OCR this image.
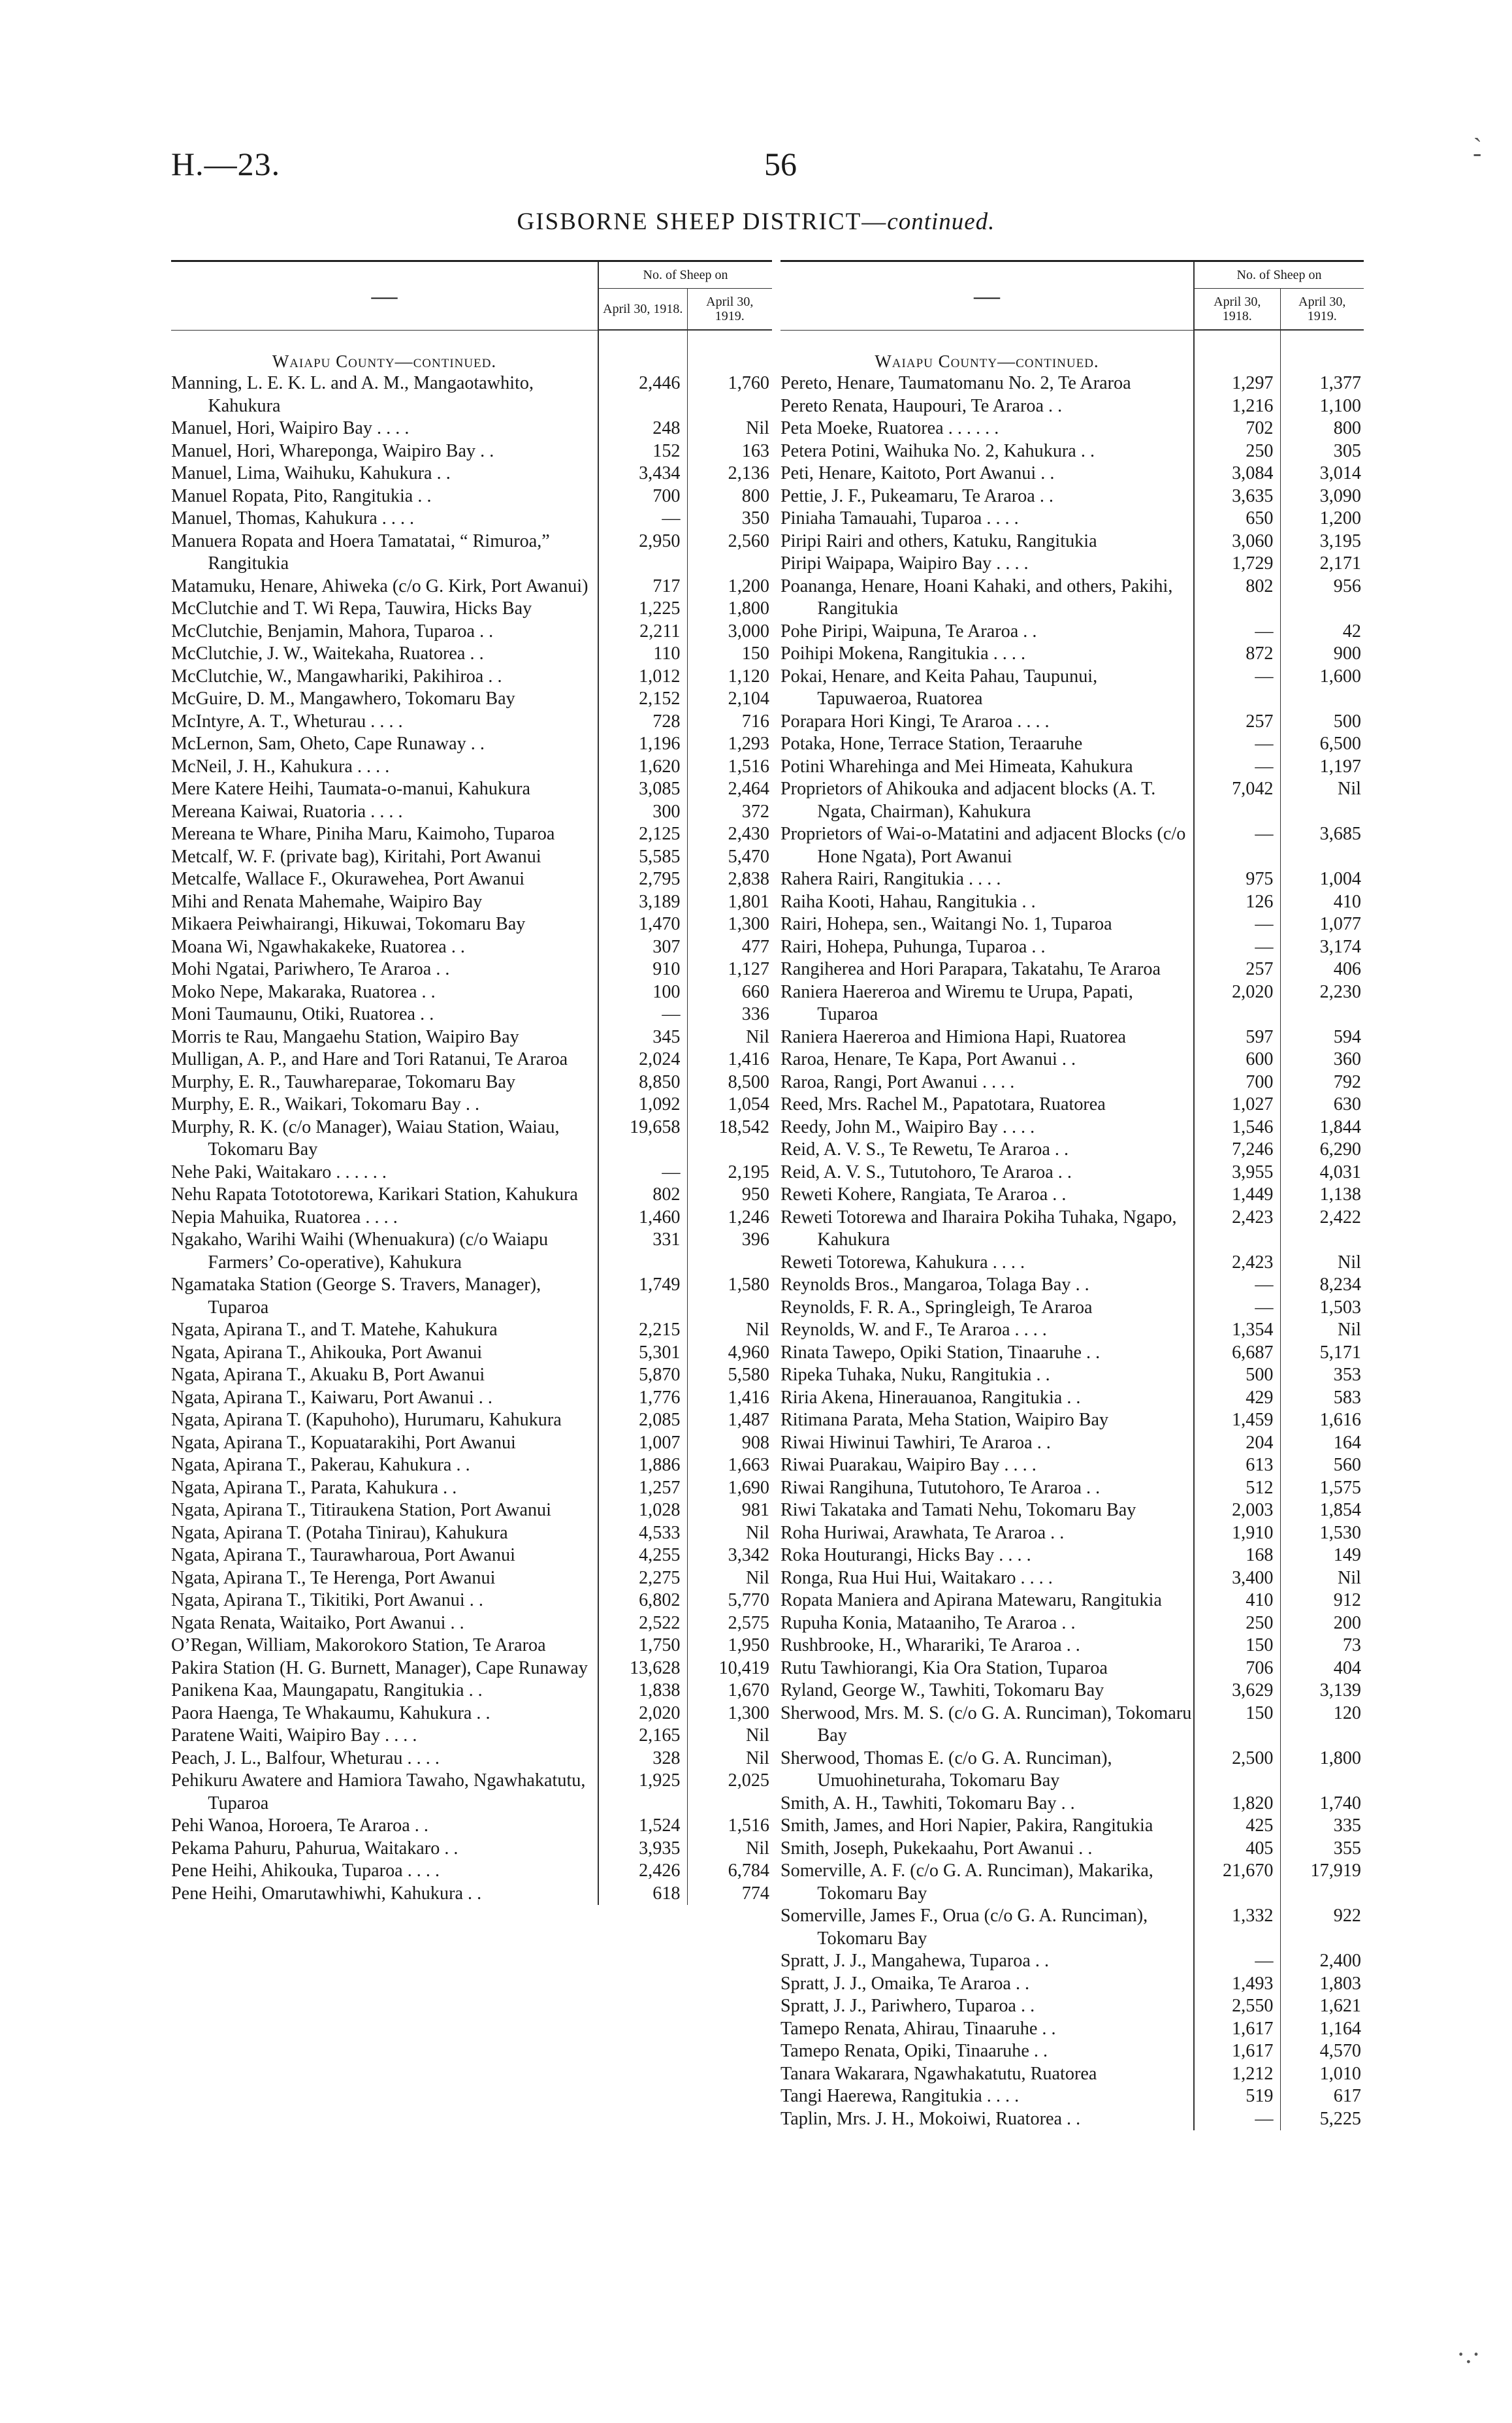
H.—23.	56
GISBORNE SHEEP DISTRICT—continued.
-̀
·.·
—	No. of Sheep on	
	April 30, 1918.	April 30, 1919.
Waiapu County—continued.		
Manning, L. E. K. L. and A. M., Mangaotawhito, Kahukura	2,446	1,760
Manuel, Hori, Waipiro Bay . . . .	248	Nil
Manuel, Hori, Wharepongа, Waipiro Bay . .	152	163
Manuel, Lima, Waihuku, Kahukura . .	3,434	2,136
Manuel Ropata, Pito, Rangitukia . .	700	800
Manuel, Thomas, Kahukura . . . .	—	350
Manuera Ropata and Hoera Tamatatai, “ Rimuroa,” Rangitukia	2,950	2,560
Matamuku, Henare, Ahiweka (c/o G. Kirk, Port Awanui)	717	1,200
McClutchie and T. Wi Repa, Tauwira, Hicks Bay	1,225	1,800
McClutchie, Benjamin, Mahora, Tuparoa . .	2,211	3,000
McClutchie, J. W., Waitekaha, Ruatorea . .	110	150
McClutchie, W., Mangawhariki, Pakihiroa . .	1,012	1,120
McGuire, D. M., Mangawhero, Tokomaru Bay	2,152	2,104
McIntyre, A. T., Wheturau . . . .	728	716
McLernon, Sam, Oheto, Cape Runaway . .	1,196	1,293
McNeil, J. H., Kahukura . . . .	1,620	1,516
Mere Katere Heihi, Taumata-o-manui, Kahukura	3,085	2,464
Mereana Kaiwai, Ruatoria . . . .	300	372
Mereana te Whare, Piniha Maru, Kaimoho, Tuparoa	2,125	2,430
Metcalf, W. F. (private bag), Kiritahi, Port Awanui	5,585	5,470
Metcalfe, Wallace F., Okurawehea, Port Awanui	2,795	2,838
Mihi and Renata Mahemahe, Waipiro Bay	3,189	1,801
Mikaera Peiwhairangi, Hikuwai, Tokomaru Bay	1,470	1,300
Moana Wi, Ngawhakakeke, Ruatorea . .	307	477
Mohi Ngatai, Pariwhero, Te Araroa . .	910	1,127
Moko Nepe, Makaraka, Ruatorea . .	100	660
Moni Taumaunu, Otiki, Ruatorea . .	—	336
Morris te Rau, Mangaehu Station, Waipiro Bay	345	Nil
Mulligan, A. P., and Hare and Tori Ratanui, Te Araroa	2,024	1,416
Murphy, E. R., Tauwhareparae, Tokomaru Bay	8,850	8,500
Murphy, E. R., Waikari, Tokomaru Bay . .	1,092	1,054
Murphy, R. K. (c/o Manager), Waiau Station, Waiau, Tokomaru Bay	19,658	18,542
Nehe Paki, Waitakaro . . . . . .	—	2,195
Nehu Rapata Totototorewa, Karikari Station, Kahukura	802	950
Nepia Mahuika, Ruatorea . . . .	1,460	1,246
Ngakaho, Warihi Waihi (Whenuakura) (c/o Waiapu Farmers’ Co-operative), Kahukura	331	396
Ngamataka Station (George S. Travers, Manager), Tuparoa	1,749	1,580
Ngata, Apirana T., and T. Matehe, Kahukura	2,215	Nil
Ngata, Apirana T., Ahikouka, Port Awanui	5,301	4,960
Ngata, Apirana T., Akuaku B, Port Awanui	5,870	5,580
Ngata, Apirana T., Kaiwaru, Port Awanui . .	1,776	1,416
Ngata, Apirana T. (Kapuhoho), Hurumaru, Kahukura	2,085	1,487
Ngata, Apirana T., Kopuatarakihi, Port Awanui	1,007	908
Ngata, Apirana T., Pakerau, Kahukura . .	1,886	1,663
Ngata, Apirana T., Parata, Kahukura . .	1,257	1,690
Ngata, Apirana T., Titiraukena Station, Port Awanui	1,028	981
Ngata, Apirana T. (Potaha Tinirau), Kahukura	4,533	Nil
Ngata, Apirana T., Taurawharoua, Port Awanui	4,255	3,342
Ngata, Apirana T., Te Herenga, Port Awanui	2,275	Nil
Ngata, Apirana T., Tikitiki, Port Awanui . .	6,802	5,770
Ngata Renata, Waitaiko, Port Awanui . .	2,522	2,575
O’Regan, William, Makorokoro Station, Te Araroa	1,750	1,950
Pakira Station (H. G. Burnett, Manager), Cape Runaway	13,628	10,419
Panikena Kaa, Maungapatu, Rangitukia . .	1,838	1,670
Paora Haenga, Te Whakaumu, Kahukura . .	2,020	1,300
Paratene Waiti, Waipiro Bay . . . .	2,165	Nil
Peach, J. L., Balfour, Wheturau . . . .	328	Nil
Pehikuru Awatere and Hamiora Tawaho, Ngawhakatutu, Tuparoa	1,925	2,025
Pehi Wanoa, Horoera, Te Araroa . .	1,524	1,516
Pekama Pahuru, Pahurua, Waitakaro . .	3,935	Nil
Pene Heihi, Ahikouka, Tuparoa . . . .	2,426	6,784
Pene Heihi, Omarutawhiwhi, Kahukura . .	618	774
—	No. of Sheep on	
	April 30, 1918.	April 30, 1919.
Waiapu County—continued.		
Pereto, Henare, Taumatomanu No. 2, Te Araroa	1,297	1,377
Pereto Renata, Haupouri, Te Araroa . .	1,216	1,100
Peta Moeke, Ruatorea . . . . . .	702	800
Petera Potini, Waihuka No. 2, Kahukura . .	250	305
Peti, Henare, Kaitoto, Port Awanui . .	3,084	3,014
Pettie, J. F., Pukeamaru, Te Araroa . .	3,635	3,090
Piniaha Tamauahi, Tuparoa . . . .	650	1,200
Piripi Rairi and others, Katuku, Rangitukia	3,060	3,195
Piripi Waipapa, Waipiro Bay . . . .	1,729	2,171
Poananga, Henare, Hoani Kahaki, and others, Pakihi, Rangitukia	802	956
Pohe Piripi, Waipuna, Te Araroa . .	—	42
Poihipi Mokena, Rangitukia . . . .	872	900
Pokai, Henare, and Keita Pahau, Taupunui, Tapuwaeroa, Ruatorea	—	1,600
Porapara Hori Kingi, Te Araroa . . . .	257	500
Potaka, Hone, Terrace Station, Teraaruhe	—	6,500
Potini Wharehinga and Mei Himeata, Kahukura	—	1,197
Proprietors of Ahikouka and adjacent blocks (A. T. Ngata, Chairman), Kahukura	7,042	Nil
Proprietors of Wai-o-Matatini and adjacent Blocks (c/o Hone Ngata), Port Awanui	—	3,685
Rahera Rairi, Rangitukia . . . .	975	1,004
Raiha Kooti, Hahau, Rangitukia . .	126	410
Rairi, Hohepa, sen., Waitangi No. 1, Tuparoa	—	1,077
Rairi, Hohepa, Puhunga, Tuparoa . .	—	3,174
Rangiherea and Hori Parapara, Takatahu, Te Araroa	257	406
Raniera Haereroa and Wiremu te Urupa, Papati, Tuparoa	2,020	2,230
Raniera Haereroa and Himiona Hapi, Ruatorea	597	594
Raroa, Henare, Te Kapa, Port Awanui . .	600	360
Raroa, Rangi, Port Awanui . . . .	700	792
Reed, Mrs. Rachel M., Papatotara, Ruatorea	1,027	630
Reedy, John M., Waipiro Bay . . . .	1,546	1,844
Reid, A. V. S., Te Rewetu, Te Araroa . .	7,246	6,290
Reid, A. V. S., Tututohoro, Te Araroa . .	3,955	4,031
Reweti Kohere, Rangiata, Te Araroa . .	1,449	1,138
Reweti Totorewa and Iharaira Pokiha Tuhaka, Ngapo, Kahukura	2,423	2,422
Reweti Totorewa, Kahukura . . . .	2,423	Nil
Reynolds Bros., Mangaroa, Tolaga Bay . .	—	8,234
Reynolds, F. R. A., Springleigh, Te Araroa	—	1,503
Reynolds, W. and F., Te Araroa . . . .	1,354	Nil
Rinata Tawepo, Opiki Station, Tinaaruhe . .	6,687	5,171
Ripeka Tuhaka, Nuku, Rangitukia . .	500	353
Riria Akena, Hinerauanoa, Rangitukia . .	429	583
Ritimana Parata, Meha Station, Waipiro Bay	1,459	1,616
Riwai Hiwinui Tawhiri, Te Araroa . .	204	164
Riwai Puarakau, Waipiro Bay . . . .	613	560
Riwai Rangihuna, Tututohoro, Te Araroa . .	512	1,575
Riwi Takataka and Tamati Nehu, Tokomaru Bay	2,003	1,854
Roha Huriwai, Arawhata, Te Araroa . .	1,910	1,530
Roka Houturangi, Hicks Bay . . . .	168	149
Ronga, Rua Hui Hui, Waitakaro . . . .	3,400	Nil
Ropata Maniera and Apirana Matewaru, Rangitukia	410	912
Rupuha Konia, Mataaniho, Te Araroa . .	250	200
Rushbrooke, H., Wharariki, Te Araroa . .	150	73
Rutu Tawhiorangi, Kia Ora Station, Tuparoa	706	404
Ryland, George W., Tawhiti, Tokomaru Bay	3,629	3,139
Sherwood, Mrs. M. S. (c/o G. A. Runciman), Tokomaru Bay	150	120
Sherwood, Thomas E. (c/o G. A. Runciman), Umuohineturaha, Tokomaru Bay	2,500	1,800
Smith, A. H., Tawhiti, Tokomaru Bay . .	1,820	1,740
Smith, James, and Hori Napier, Pakira, Rangitukia	425	335
Smith, Joseph, Pukekaahu, Port Awanui . .	405	355
Somerville, A. F. (c/o G. A. Runciman), Makarika, Tokomaru Bay	21,670	17,919
Somerville, James F., Orua (c/o G. A. Runciman), Tokomaru Bay	1,332	922
Spratt, J. J., Mangahewa, Tuparoa . .	—	2,400
Spratt, J. J., Omaika, Te Araroa . .	1,493	1,803
Spratt, J. J., Pariwhero, Tuparoa . .	2,550	1,621
Tamepo Renata, Ahirau, Tinaaruhe . .	1,617	1,164
Tamepo Renata, Opiki, Tinaaruhe . .	1,617	4,570
Tanara Wakarara, Ngawhakatutu, Ruatorea	1,212	1,010
Tangi Haerewa, Rangitukia . . . .	519	617
Taplin, Mrs. J. H., Mokoiwi, Ruatorea . .	—	5,225
